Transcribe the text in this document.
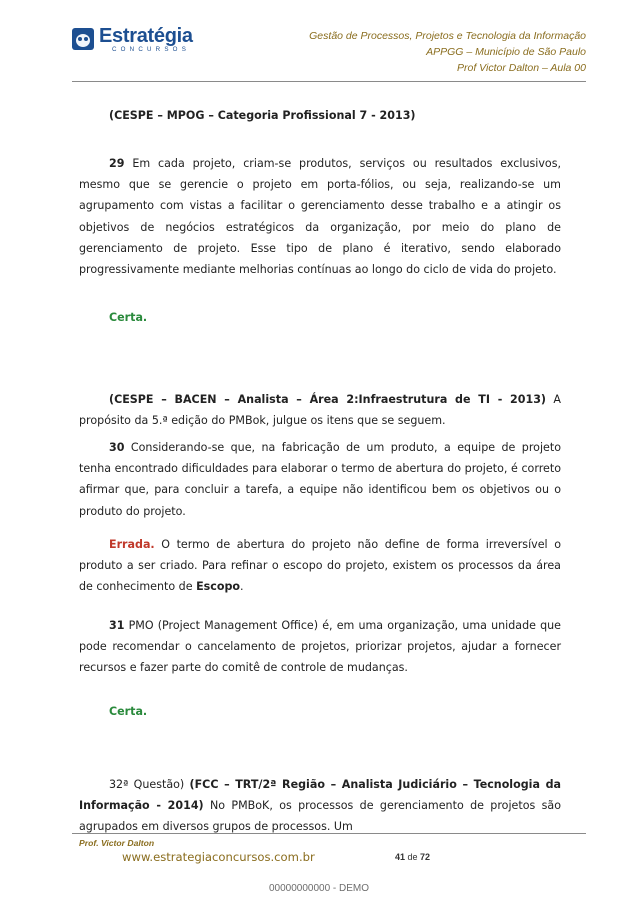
Estratégia
CONCURSOS
Gestão de Processos, Projetos e Tecnologia da Informação
APPGG – Município de São Paulo
Prof Victor Dalton – Aula 00

(CESPE – MPOG – Categoria Profissional 7 - 2013)

29 Em cada projeto, criam-se produtos, serviços ou resultados exclusivos, mesmo que se gerencie o projeto em porta-fólios, ou seja, realizando-se um agrupamento com vistas a facilitar o gerenciamento desse trabalho e a atingir os objetivos de negócios estratégicos da organização, por meio do plano de gerenciamento de projeto. Esse tipo de plano é iterativo, sendo elaborado progressivamente mediante melhorias contínuas ao longo do ciclo de vida do projeto.

Certa.

(CESPE – BACEN – Analista – Área 2:Infraestrutura de TI - 2013) A propósito da 5.ª edição do PMBok, julgue os itens que se seguem.

30 Considerando-se que, na fabricação de um produto, a equipe de projeto tenha encontrado dificuldades para elaborar o termo de abertura do projeto, é correto afirmar que, para concluir a tarefa, a equipe não identificou bem os objetivos ou o produto do projeto.

Errada. O termo de abertura do projeto não define de forma irreversível o produto a ser criado. Para refinar o escopo do projeto, existem os processos da área de conhecimento de Escopo.

31 PMO (Project Management Office) é, em uma organização, uma unidade que pode recomendar o cancelamento de projetos, priorizar projetos, ajudar a fornecer recursos e fazer parte do comitê de controle de mudanças.

Certa.

32ª Questão) (FCC – TRT/2ª Região – Analista Judiciário – Tecnologia da Informação - 2014) No PMBoK, os processos de gerenciamento de projetos são agrupados em diversos grupos de processos. Um

Prof. Victor Dalton
www.estrategiaconcursos.com.br	41 de 72
00000000000 - DEMO
